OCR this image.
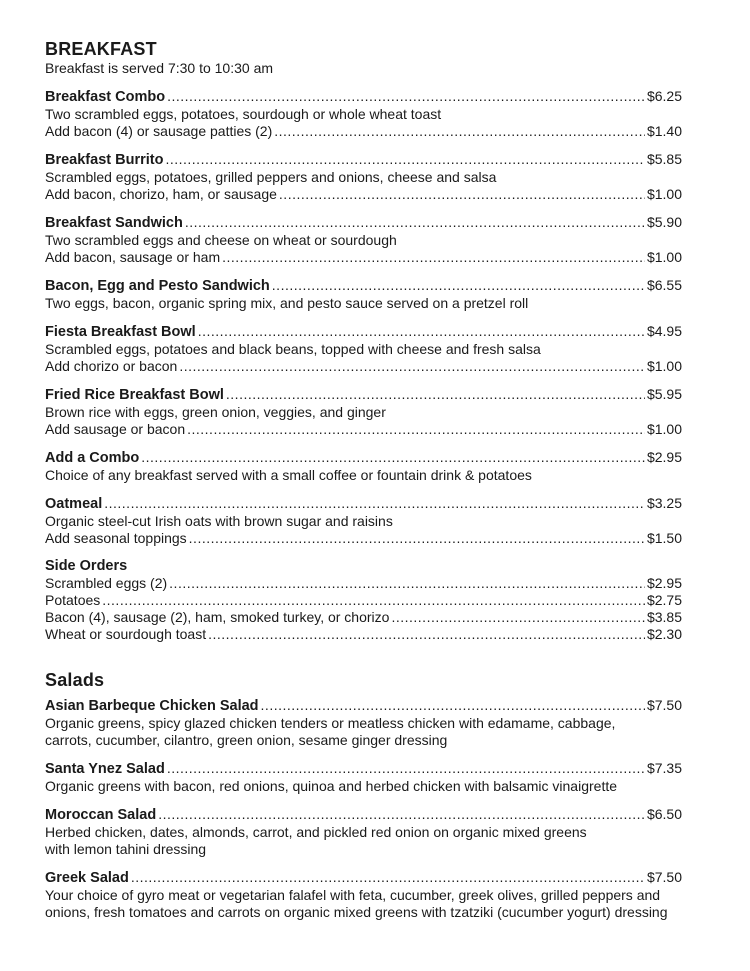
BREAKFAST
Breakfast is served 7:30 to 10:30 am
Breakfast Combo .....	$6.25
Two scrambled eggs, potatoes, sourdough or whole wheat toast
Add bacon (4) or sausage patties (2) .....	$1.40
Breakfast Burrito .....	$5.85
Scrambled eggs, potatoes, grilled peppers and onions, cheese and salsa
Add bacon, chorizo, ham, or sausage .....	$1.00
Breakfast Sandwich .....	$5.90
Two scrambled eggs and cheese on wheat or sourdough
Add bacon, sausage or ham .....	$1.00
Bacon, Egg and Pesto Sandwich .....	$6.55
Two eggs, bacon, organic spring mix, and pesto sauce served on a pretzel roll
Fiesta Breakfast Bowl .....	$4.95
Scrambled eggs, potatoes and black beans, topped with cheese and fresh salsa
Add chorizo or bacon .....	$1.00
Fried Rice Breakfast Bowl .....	$5.95
Brown rice with eggs, green onion, veggies, and ginger
Add sausage or bacon .....	$1.00
Add a Combo .....	$2.95
Choice of any breakfast served with a small coffee or fountain drink & potatoes
Oatmeal .....	$3.25
Organic steel-cut Irish oats with brown sugar and raisins
Add seasonal toppings .....	$1.50
Side Orders
Scrambled eggs (2) .....	$2.95
Potatoes .....	$2.75
Bacon (4), sausage (2), ham, smoked turkey, or chorizo .....	$3.85
Wheat or sourdough toast .....	$2.30
Salads
Asian Barbeque Chicken Salad .....	$7.50
Organic greens, spicy glazed chicken tenders or meatless chicken with edamame, cabbage,
carrots, cucumber, cilantro, green onion, sesame ginger dressing
Santa Ynez Salad .....	$7.35
Organic greens with bacon, red onions, quinoa and herbed chicken with balsamic vinaigrette
Moroccan Salad .....	$6.50
Herbed chicken, dates, almonds, carrot, and pickled red onion on organic mixed greens
with lemon tahini dressing
Greek Salad .....	$7.50
Your choice of gyro meat or vegetarian falafel with feta, cucumber, greek olives, grilled peppers and
onions, fresh tomatoes and carrots on organic mixed greens with tzatziki (cucumber yogurt) dressing
